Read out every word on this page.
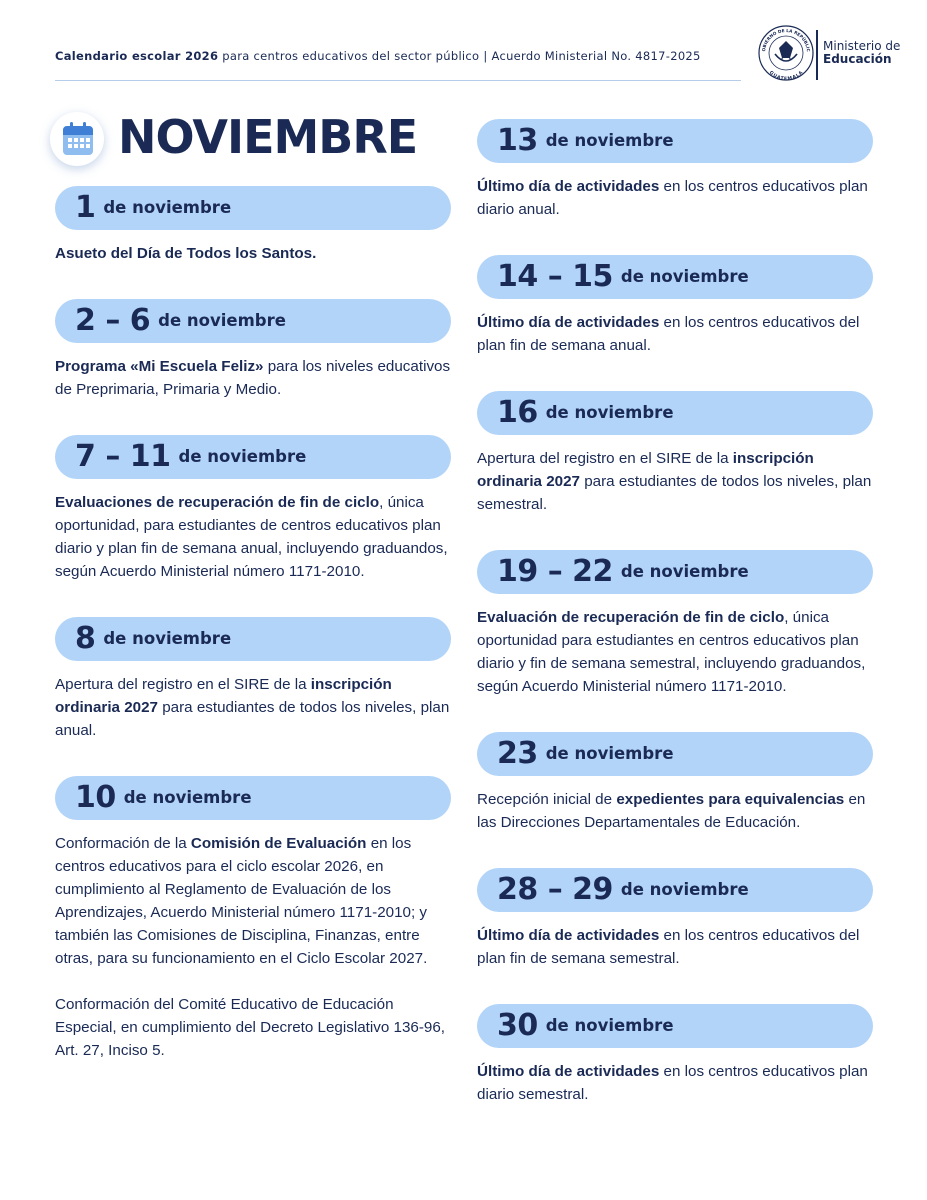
Calendario escolar 2026 para centros educativos del sector público | Acuerdo Ministerial No. 4817-2025	OBIERNO DE LA REPÚBLIC
GUATEMALA
Ministerio de
Educación
NOVIEMBRE
1 de noviembre

Asueto del Día de Todos los Santos.

2 – 6 de noviembre

Programa «Mi Escuela Feliz» para los niveles educativos de Preprimaria, Primaria y Medio.

7 – 11 de noviembre

Evaluaciones de recuperación de fin de ciclo, única oportunidad, para estudiantes de centros educativos plan diario y plan fin de semana anual, incluyendo graduandos, según Acuerdo Ministerial número 1171-2010.

8 de noviembre

Apertura del registro en el SIRE de la inscripción ordinaria 2027 para estudiantes de todos los niveles, plan anual.

10 de noviembre

Conformación de la Comisión de Evaluación en los centros educativos para el ciclo escolar 2026, en cumplimiento al Reglamento de Evaluación de los Aprendizajes, Acuerdo Ministerial número 1171-2010; y también las Comisiones de Disciplina, Finanzas, entre otras, para su funcionamiento en el Ciclo Escolar 2027.

Conformación del Comité Educativo de Educación Especial, en cumplimiento del Decreto Legislativo 136-96, Art. 27, Inciso 5.

13 de noviembre

Último día de actividades en los centros educativos plan diario anual.

14 – 15 de noviembre

Último día de actividades en los centros educativos del plan fin de semana anual.

16 de noviembre

Apertura del registro en el SIRE de la inscripción ordinaria 2027 para estudiantes de todos los niveles, plan semestral.

19 – 22 de noviembre

Evaluación de recuperación de fin de ciclo, única oportunidad para estudiantes en centros educativos plan diario y fin de semana semestral, incluyendo graduandos, según Acuerdo Ministerial número 1171-2010.

23 de noviembre

Recepción inicial de expedientes para equivalencias en las Direcciones Departamentales de Educación.

28 – 29 de noviembre

Último día de actividades en los centros educativos del plan fin de semana semestral.

30 de noviembre

Último día de actividades en los centros educativos plan diario semestral.
